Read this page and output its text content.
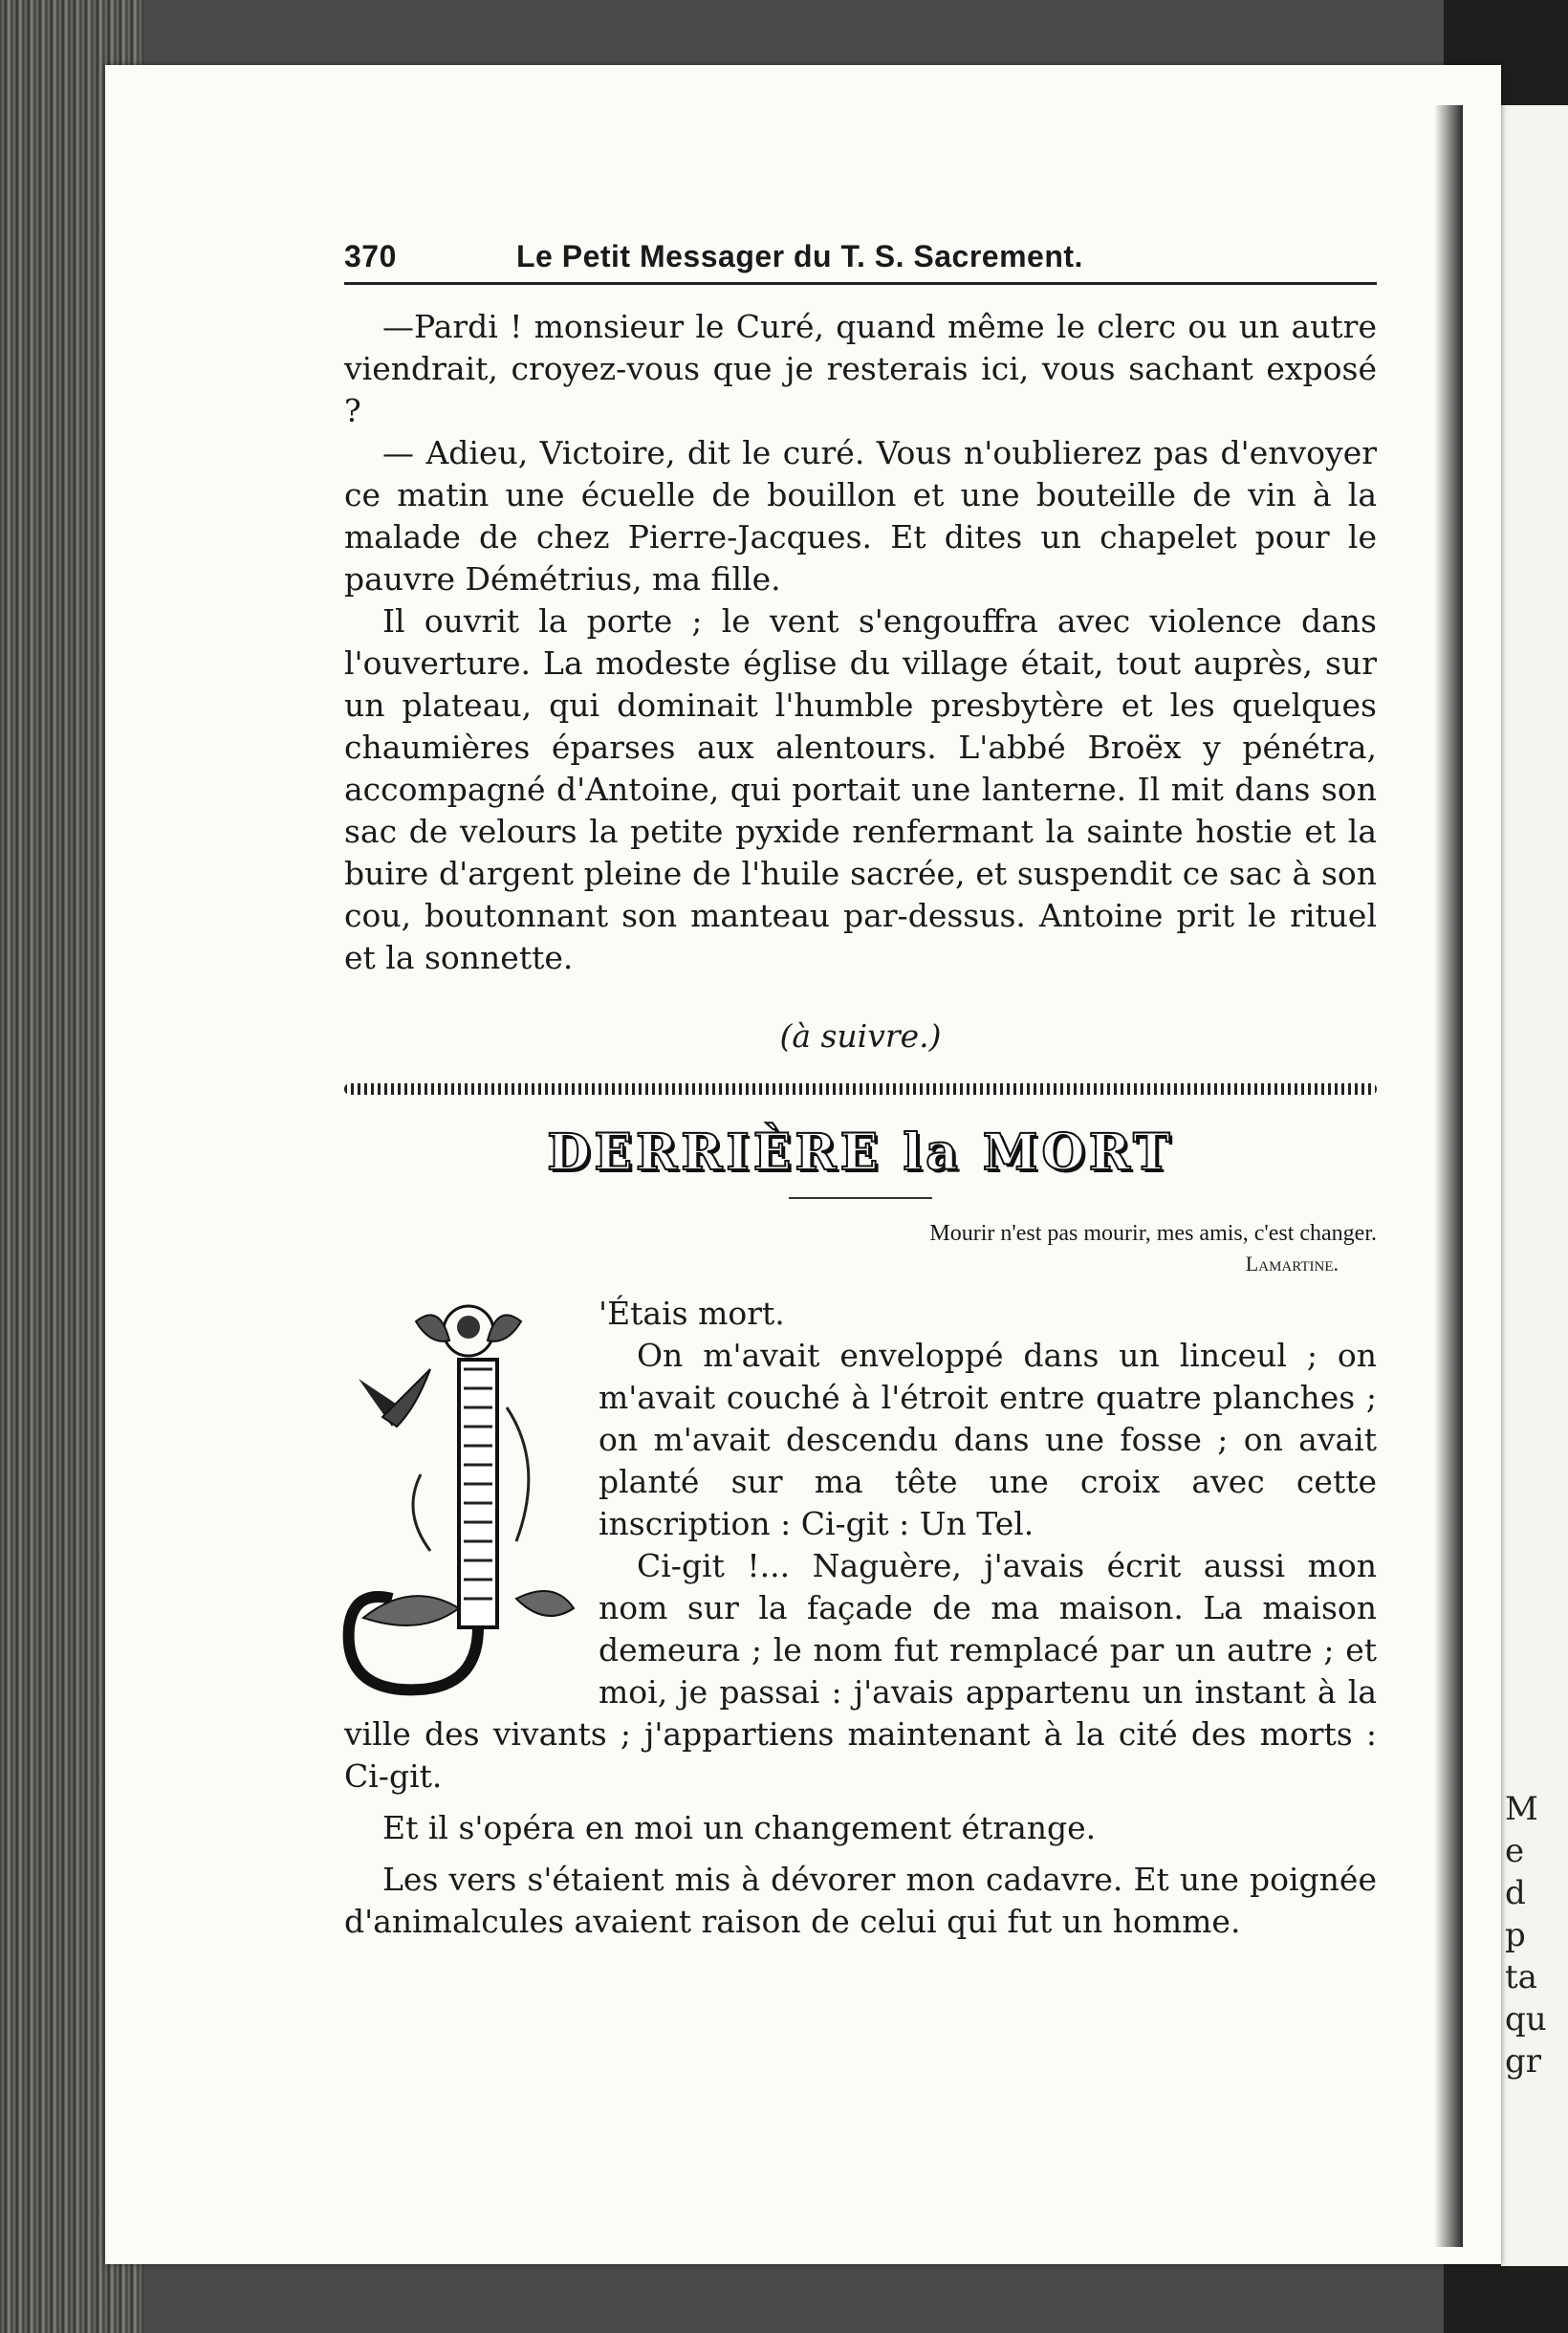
M
e
d
p
ta
qu
gr
370	Le Petit Messager du T. S. Sacrement.

—Pardi ! monsieur le Curé, quand même le clerc ou un autre viendrait, croyez-vous que je resterais ici, vous sachant exposé ?

— Adieu, Victoire, dit le curé. Vous n'oublierez pas d'envoyer ce matin une écuelle de bouillon et une bouteille de vin à la malade de chez Pierre-Jacques. Et dites un chapelet pour le pauvre Démétrius, ma fille.

Il ouvrit la porte ; le vent s'engouffra avec violence dans l'ouverture. La modeste église du village était, tout auprès, sur un plateau, qui dominait l'humble presbytère et les quelques chaumières éparses aux alentours. L'abbé Broëx y pénétra, accompagné d'Antoine, qui portait une lanterne. Il mit dans son sac de velours la petite pyxide renfermant la sainte hostie et la buire d'argent pleine de l'huile sacrée, et suspendit ce sac à son cou, boutonnant son manteau par-dessus. Antoine prit le rituel et la sonnette.

(à suivre.)
DERRIÈRE la MORT

Mourir n'est pas mourir, mes amis, c'est changer.

Lamartine.

'Étais mort.

On m'avait enveloppé dans un linceul ; on m'avait couché à l'étroit entre quatre planches ; on m'avait descendu dans une fosse ; on avait planté sur ma tête une croix avec cette inscription : Ci-git : Un Tel.

Ci-git !... Naguère, j'avais écrit aussi mon nom sur la façade de ma maison. La maison demeura ; le nom fut remplacé par un autre ; et moi, je passai : j'avais appartenu un instant à la ville des vivants ; j'appartiens maintenant à la cité des morts : Ci-git.

Et il s'opéra en moi un changement étrange.

Les vers s'étaient mis à dévorer mon cadavre. Et une poignée d'animalcules avaient raison de celui qui fut un homme.
